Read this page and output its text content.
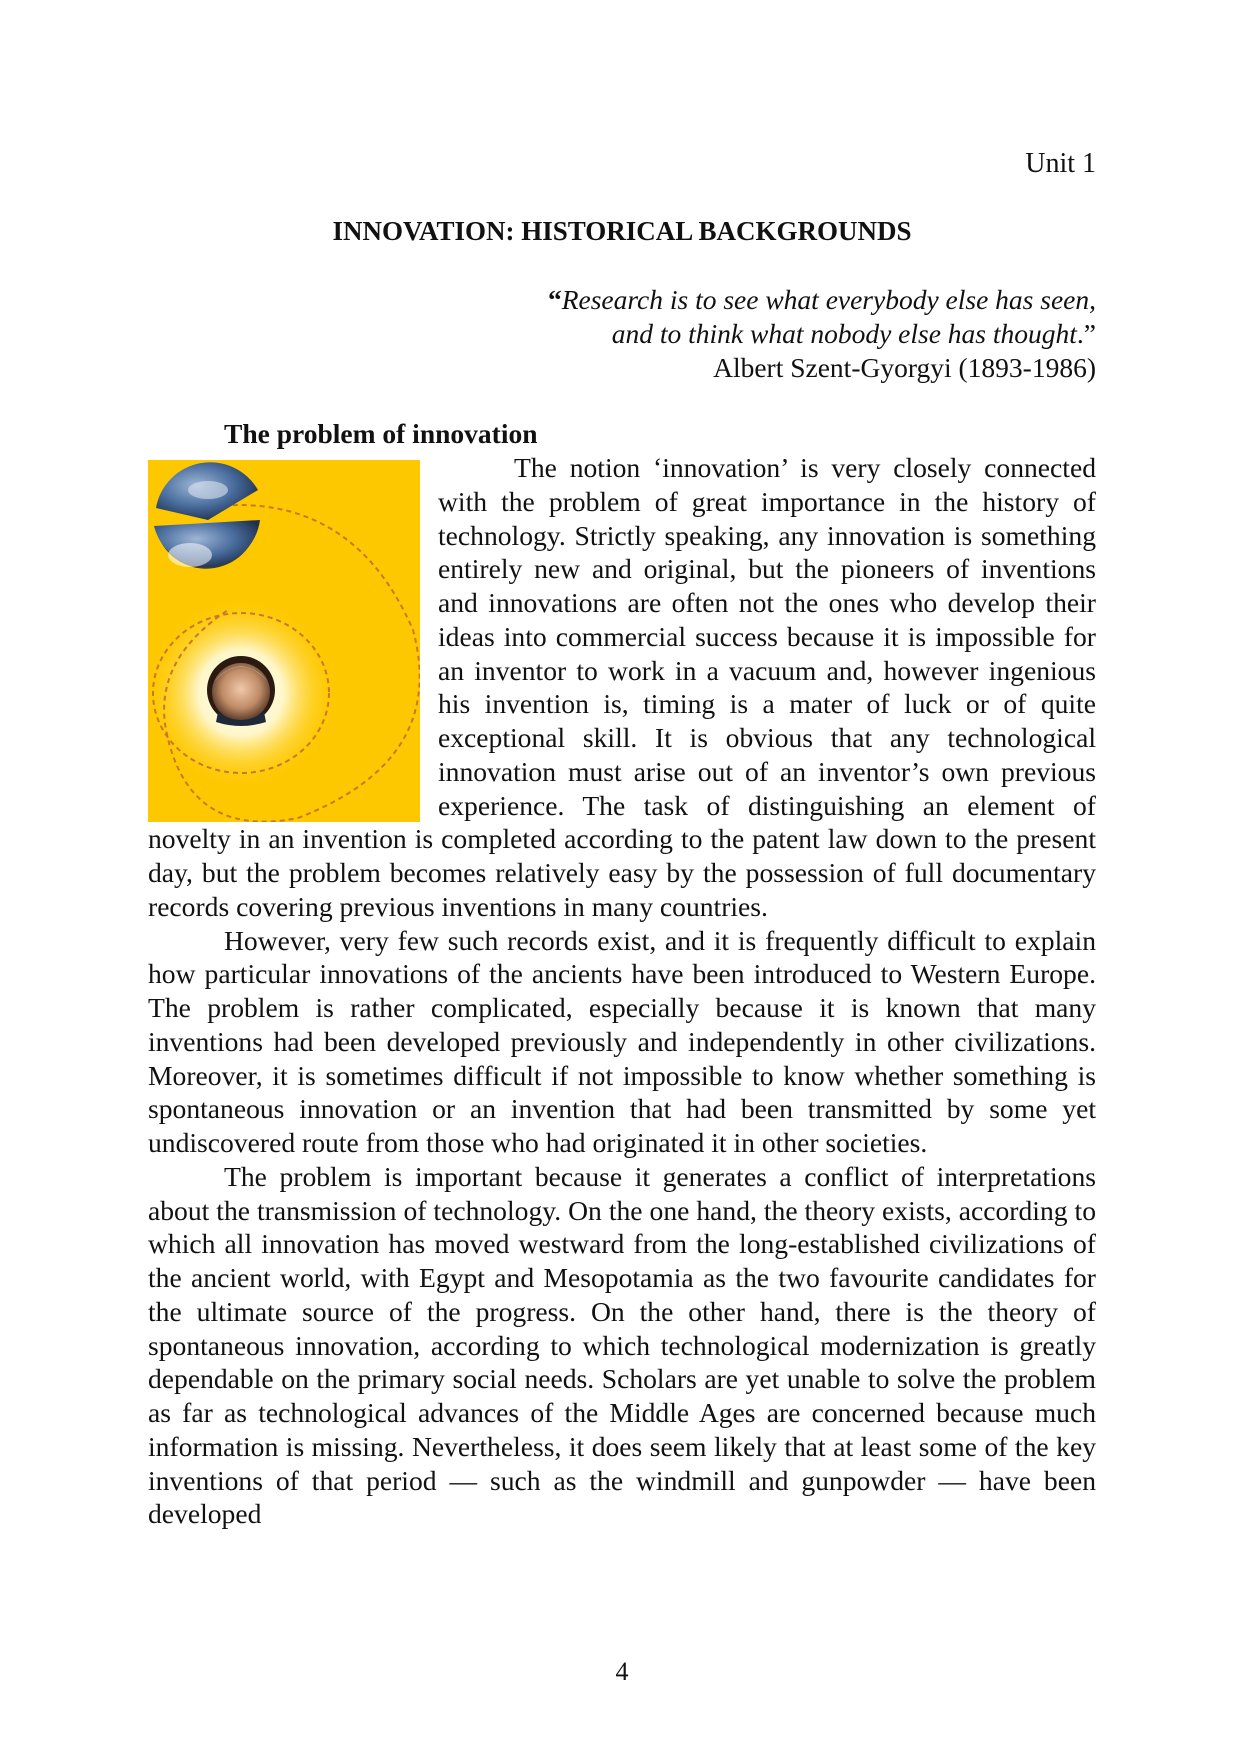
Unit 1
INNOVATION: HISTORICAL BACKGROUNDS
“Research is to see what everybody else has seen,
and to think what nobody else has thought.”
Albert Szent-Gyorgyi (1893-1986)
The problem of innovation

The notion ‘innovation’ is very closely connected with the problem of great importance in the history of technology. Strictly speaking, any innovation is something entirely new and original, but the pioneers of inventions and innovations are often not the ones who develop their ideas into commercial success because it is impossible for an inventor to work in a vacuum and, however ingenious his invention is, timing is a mater of luck or of quite exceptional skill. It is obvious that any technological innovation must arise out of an inventor’s own previous experience. The task of distinguishing an element of novelty in an invention is completed according to the patent law down to the present day, but the problem becomes relatively easy by the possession of full documentary records covering previous inventions in many countries.

However, very few such records exist, and it is frequently difficult to explain how particular innovations of the ancients have been introduced to Western Europe. The problem is rather complicated, especially because it is known that many inventions had been developed previously and independently in other civilizations. Moreover, it is sometimes difficult if not impossible to know whether something is spontaneous innovation or an invention that had been transmitted by some yet undiscovered route from those who had originated it in other societies.

The problem is important because it generates a conflict of interpretations about the transmission of technology. On the one hand, the theory exists, according to which all innovation has moved westward from the long-established civilizations of the ancient world, with Egypt and Mesopotamia as the two favourite candidates for the ultimate source of the progress. On the other hand, there is the theory of spontaneous innovation, according to which technological modernization is greatly dependable on the primary social needs. Scholars are yet unable to solve the problem as far as technological advances of the Middle Ages are concerned because much information is missing. Nevertheless, it does seem likely that at least some of the key inventions of that period — such as the windmill and gunpowder — have been developed

4
